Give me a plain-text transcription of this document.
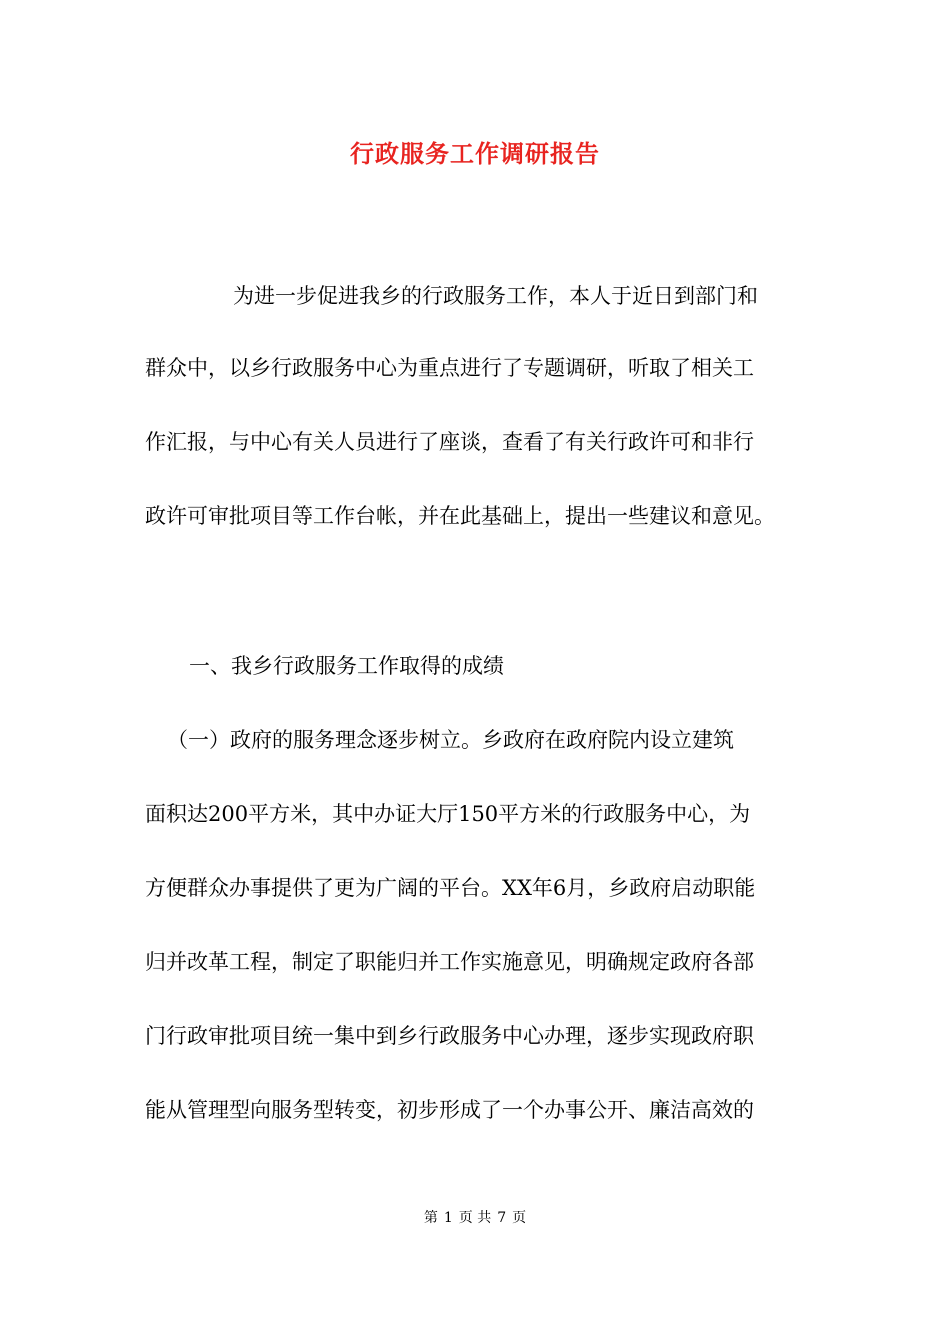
行政服务工作调研报告
为进一步促进我乡的行政服务工作，本人于近日到部门和
群众中，以乡行政服务中心为重点进行了专题调研，听取了相关工
作汇报，与中心有关人员进行了座谈，查看了有关行政许可和非行
政许可审批项目等工作台帐，并在此基础上，提出一些建议和意见。
一、我乡行政服务工作取得的成绩
（一）政府的服务理念逐步树立。乡政府在政府院内设立建筑
面积达200平方米，其中办证大厅150平方米的行政服务中心，为
方便群众办事提供了更为广阔的平台。XX年6月，乡政府启动职能
归并改革工程，制定了职能归并工作实施意见，明确规定政府各部
门行政审批项目统一集中到乡行政服务中心办理，逐步实现政府职
能从管理型向服务型转变，初步形成了一个办事公开、廉洁高效的
第 1 页 共 7 页
